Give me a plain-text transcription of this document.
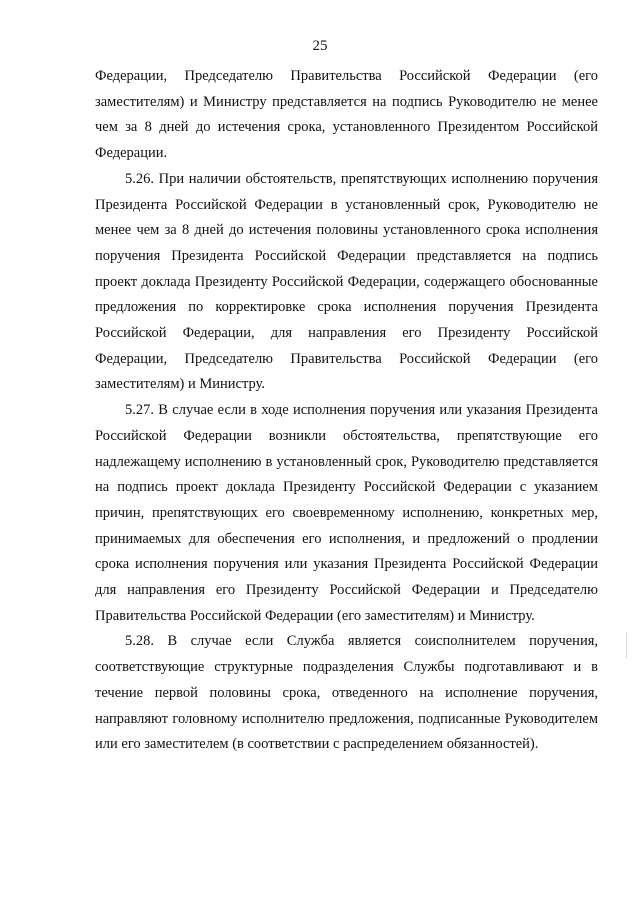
25

Федерации, Председателю Правительства Российской Федерации (его заместителям) и Министру представляется на подпись Руководителю не менее чем за 8 дней до истечения срока, установленного Президентом Российской Федерации.

5.26. При наличии обстоятельств, препятствующих исполнению поручения Президента Российской Федерации в установленный срок, Руководителю не менее чем за 8 дней до истечения половины установленного срока исполнения поручения Президента Российской Федерации представляется на подпись проект доклада Президенту Российской Федерации, содержащего обоснованные предложения по корректировке срока исполнения поручения Президента Российской Федерации, для направления его Президенту Российской Федерации, Председателю Правительства Российской Федерации (его заместителям) и Министру.

5.27. В случае если в ходе исполнения поручения или указания Президента Российской Федерации возникли обстоятельства, препятствующие его надлежащему исполнению в установленный срок, Руководителю представляется на подпись проект доклада Президенту Российской Федерации с указанием причин, препятствующих его своевременному исполнению, конкретных мер, принимаемых для обеспечения его исполнения, и предложений о продлении срока исполнения поручения или указания Президента Российской Федерации для направления его Президенту Российской Федерации и Председателю Правительства Российской Федерации (его заместителям) и Министру.

5.28. В случае если Служба является соисполнителем поручения, соответствующие структурные подразделения Службы подготавливают и в течение первой половины срока, отведенного на исполнение поручения, направляют головному исполнителю предложения, подписанные Руководителем или его заместителем (в соответствии с распределением обязанностей).
